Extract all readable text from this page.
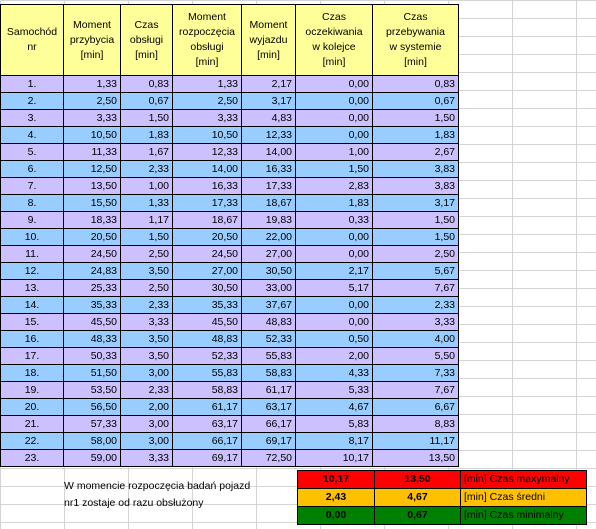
Samochód
nr	Moment
przybycia
[min]	Czas
obsługi
[min]	Moment
rozpoczęcia
obsługi
[min]	Moment
wyjazdu
[min]	Czas
oczekiwania
w kolejce
[min]	Czas
przebywania
w systemie
[min]

1.	1,33	0,83	1,33	2,17	0,00	0,83
2.	2,50	0,67	2,50	3,17	0,00	0,67
3.	3,33	1,50	3,33	4,83	0,00	1,50
4.	10,50	1,83	10,50	12,33	0,00	1,83
5.	11,33	1,67	12,33	14,00	1,00	2,67
6.	12,50	2,33	14,00	16,33	1,50	3,83
7.	13,50	1,00	16,33	17,33	2,83	3,83
8.	15,50	1,33	17,33	18,67	1,83	3,17
9.	18,33	1,17	18,67	19,83	0,33	1,50
10.	20,50	1,50	20,50	22,00	0,00	1,50
11.	24,50	2,50	24,50	27,00	0,00	2,50
12.	24,83	3,50	27,00	30,50	2,17	5,67
13.	25,33	2,50	30,50	33,00	5,17	7,67
14.	35,33	2,33	35,33	37,67	0,00	2,33
15.	45,50	3,33	45,50	48,83	0,00	3,33
16.	48,33	3,50	48,83	52,33	0,50	4,00
17.	50,33	3,50	52,33	55,83	2,00	5,50
18.	51,50	3,00	55,83	58,83	4,33	7,33
19.	53,50	2,33	58,83	61,17	5,33	7,67
20.	56,50	2,00	61,17	63,17	4,67	6,67
21.	57,33	3,00	63,17	66,17	5,83	8,83
22.	58,00	3,00	66,17	69,17	8,17	11,17
23.	59,00	3,33	69,17	72,50	10,17	13,50
W momencie rozpoczęcia badań pojazd
nr1 zostaje od razu obsłużony
10,17	13,50	[min] Czas maxymalny
2,43	4,67	[min] Czas średni
0,00	0,67	[min] Czas minimalny
